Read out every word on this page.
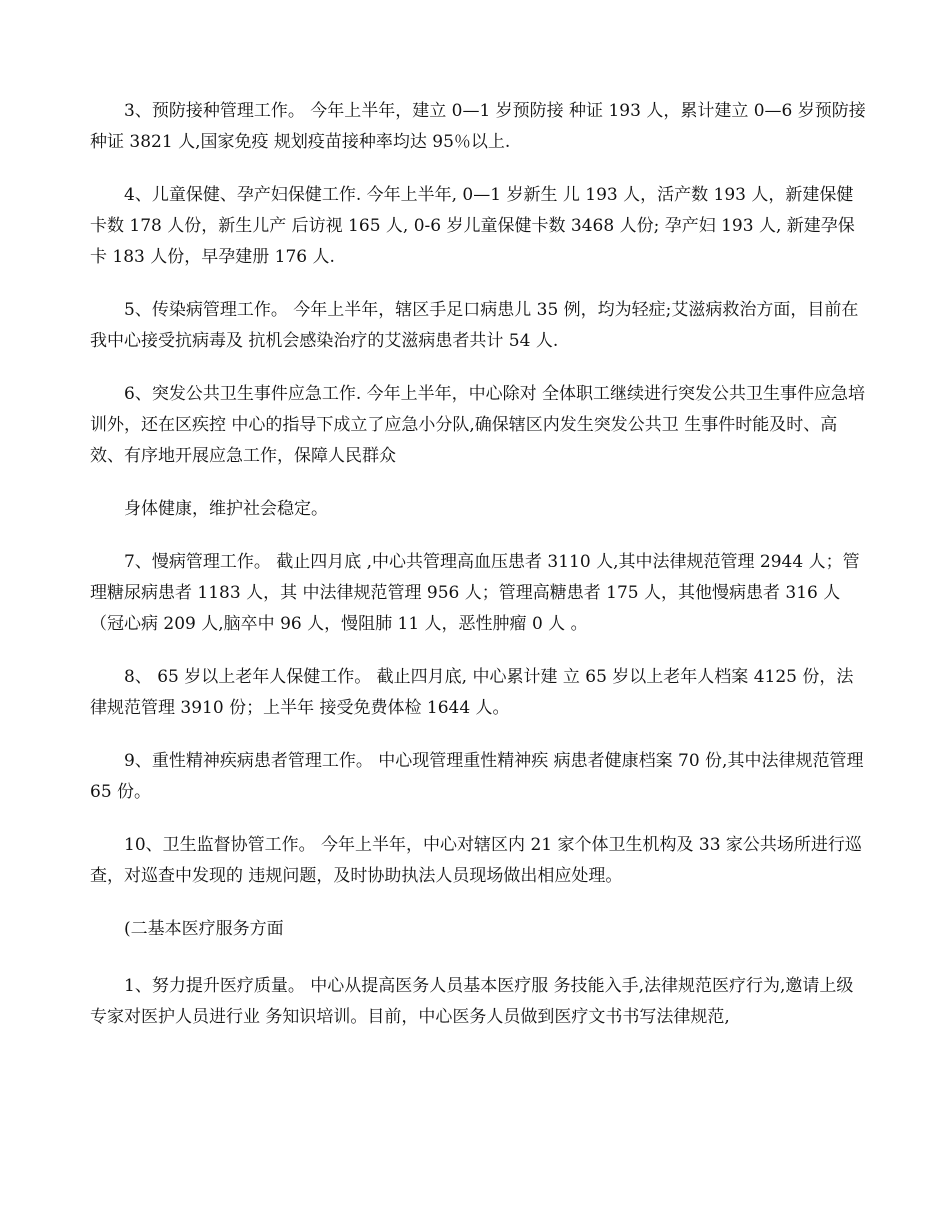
3、预防接种管理工作。 今年上半年，建立 0—1 岁预防接 种证 193 人，累计建立 0—6 岁预防接种证 3821 人,国家免疫 规划疫苗接种率均达 95％以上.

4、儿童保健、孕产妇保健工作. 今年上半年, 0—1 岁新生 儿 193 人，活产数 193 人，新建保健卡数 178 人份，新生儿产 后访视 165 人, 0-6 岁儿童保健卡数 3468 人份; 孕产妇 193 人, 新建孕保卡 183 人份，早孕建册 176 人.

5、传染病管理工作。 今年上半年，辖区手足口病患儿 35 例，均为轻症;艾滋病救治方面，目前在我中心接受抗病毒及 抗机会感染治疗的艾滋病患者共计 54 人.

6、突发公共卫生事件应急工作. 今年上半年，中心除对 全体职工继续进行突发公共卫生事件应急培训外，还在区疾控 中心的指导下成立了应急小分队,确保辖区内发生突发公共卫 生事件时能及时、高效、有序地开展应急工作，保障人民群众

身体健康，维护社会稳定。

7、慢病管理工作。 截止四月底 ,中心共管理高血压患者 3110 人,其中法律规范管理 2944 人；管理糖尿病患者 1183 人，其 中法律规范管理 956 人；管理高糖患者 175 人，其他慢病患者 316 人 （冠心病 209 人,脑卒中 96 人，慢阻肺 11 人，恶性肿瘤 0 人 。

8、 65 岁以上老年人保健工作。 截止四月底, 中心累计建 立 65 岁以上老年人档案 4125 份，法律规范管理 3910 份；上半年 接受免费体检 1644 人。

9、重性精神疾病患者管理工作。 中心现管理重性精神疾 病患者健康档案 70 份,其中法律规范管理 65 份。

10、卫生监督协管工作。 今年上半年，中心对辖区内 21 家个体卫生机构及 33 家公共场所进行巡查，对巡查中发现的 违规问题，及时协助执法人员现场做出相应处理。

(二基本医疗服务方面

1、努力提升医疗质量。 中心从提高医务人员基本医疗服 务技能入手,法律规范医疗行为,邀请上级专家对医护人员进行业 务知识培训。目前，中心医务人员做到医疗文书书写法律规范,
